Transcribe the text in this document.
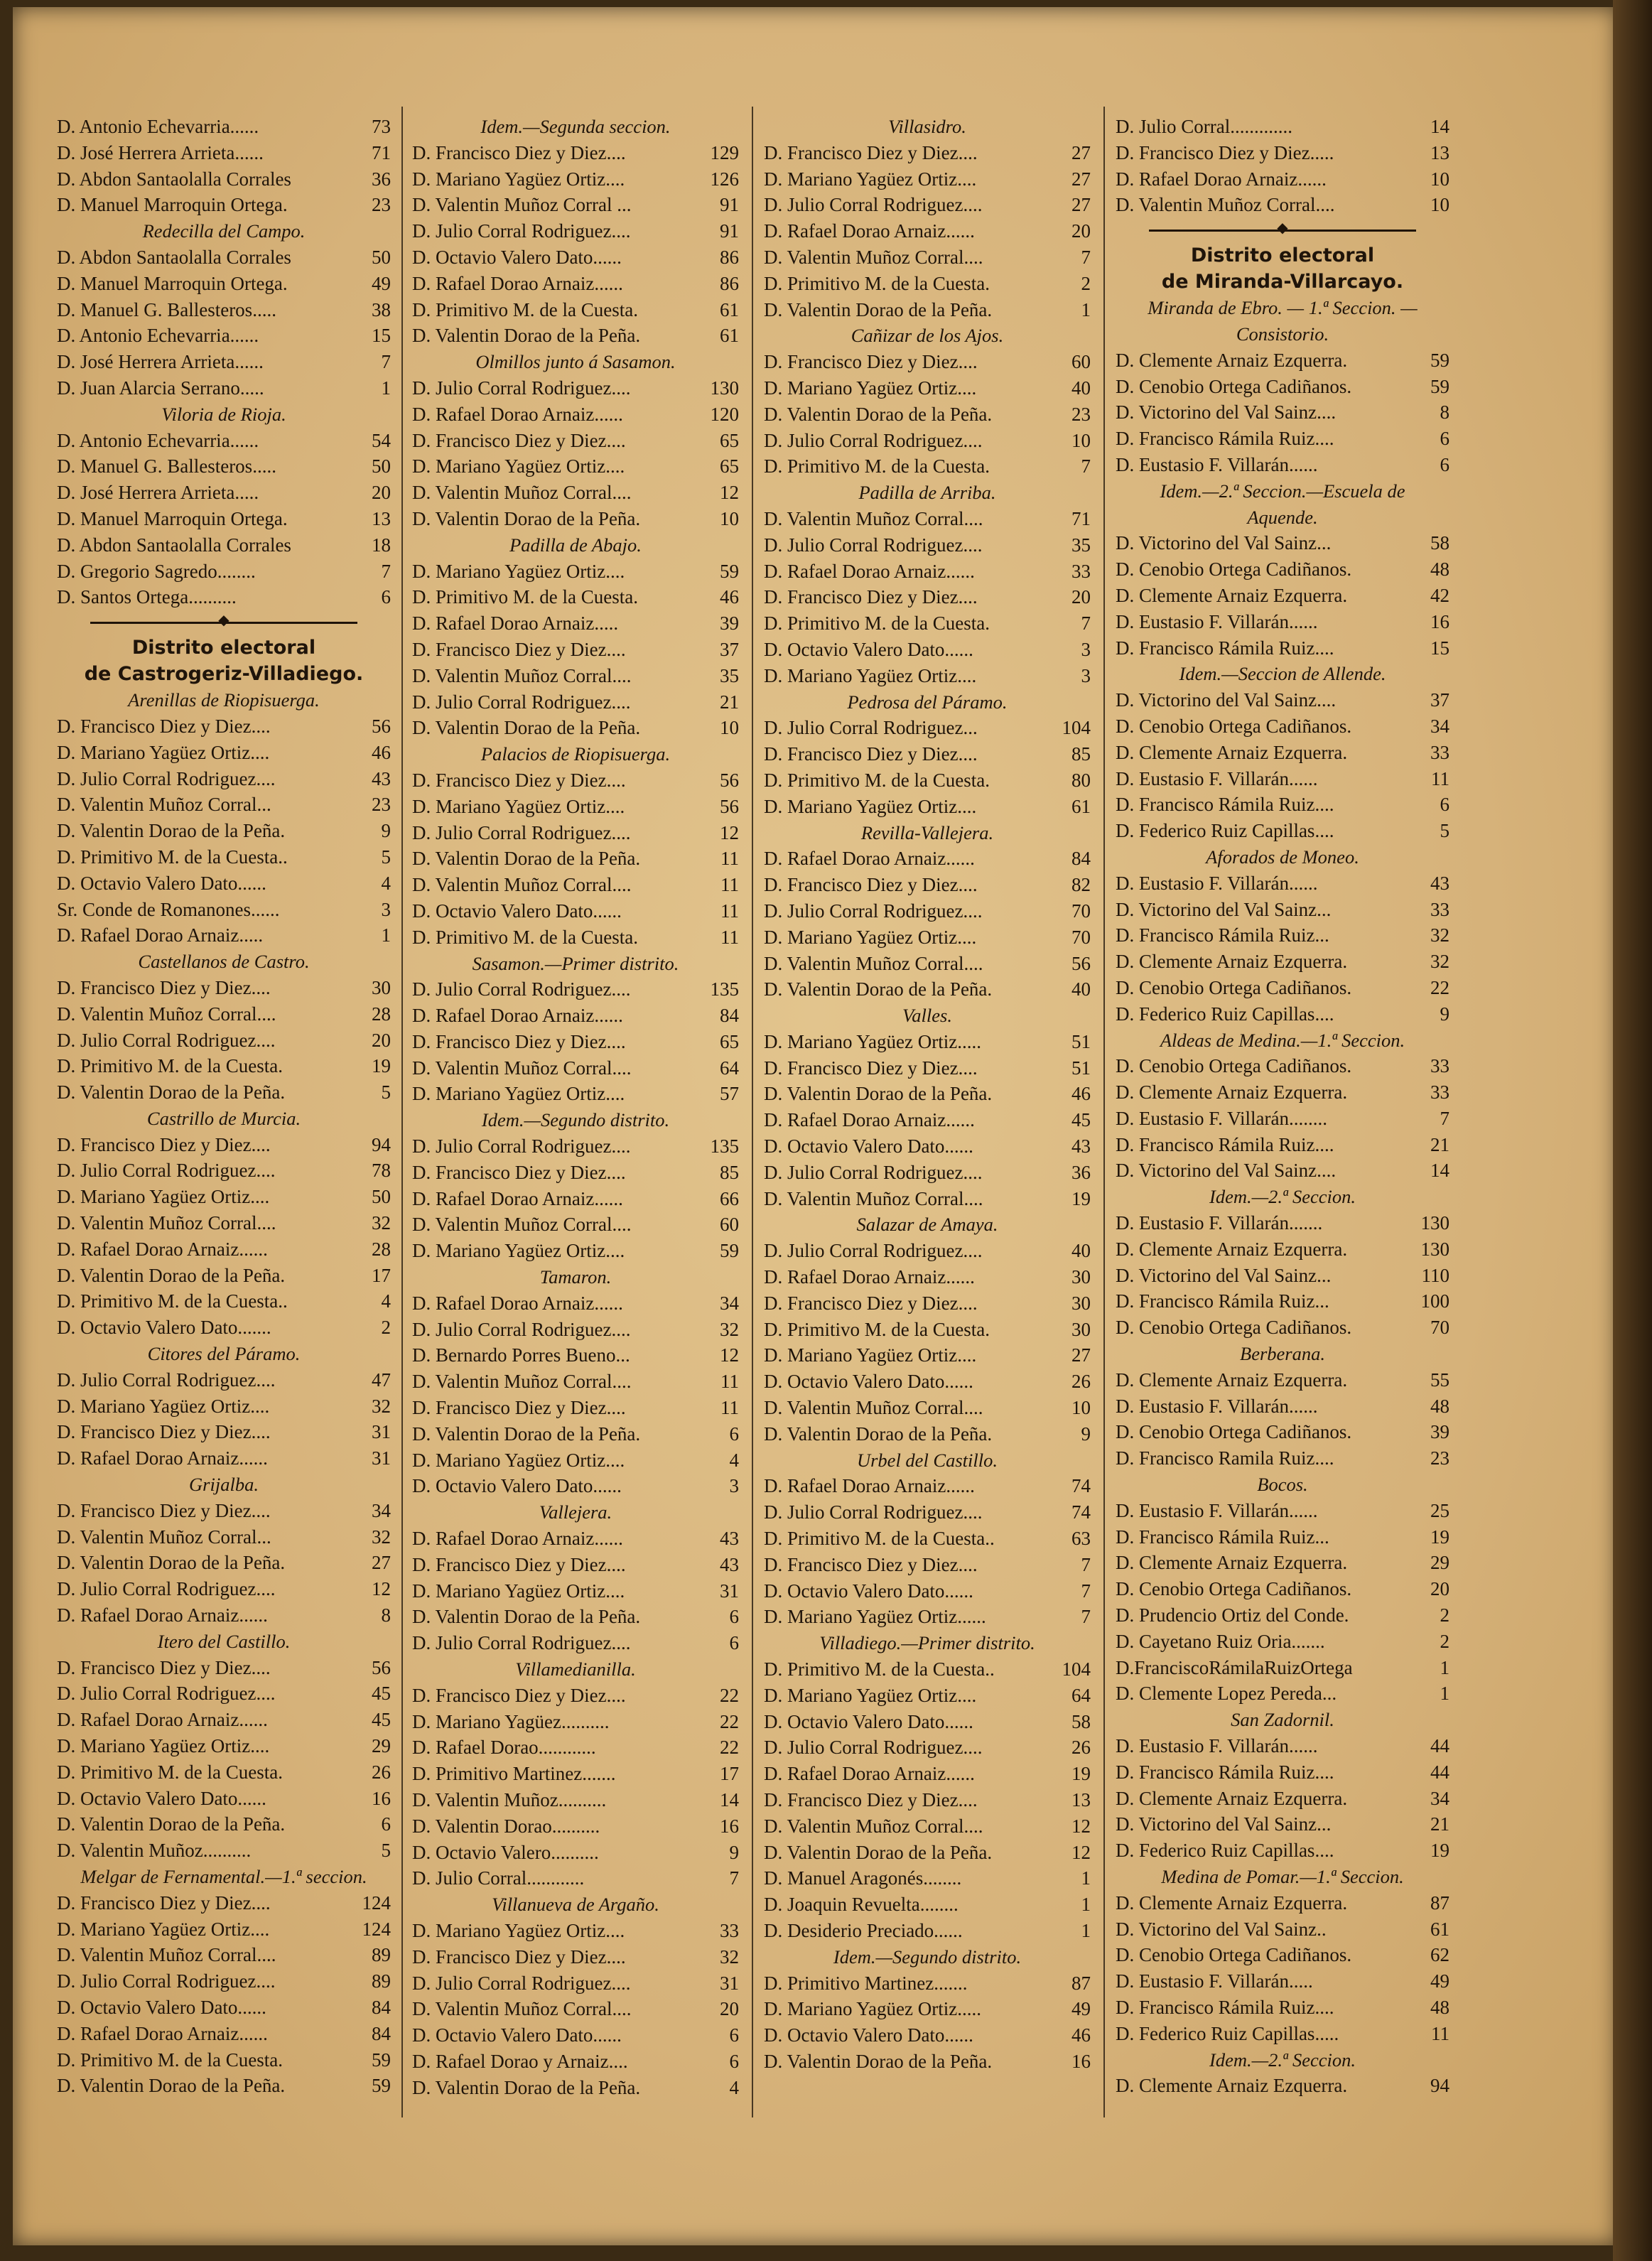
D. Antonio Echevarria......	73
D. José Herrera Arrieta......	71
D. Abdon Santaolalla Corrales	36
D. Manuel Marroquin Ortega.	23
Redecilla del Campo.
D. Abdon Santaolalla Corrales	50
D. Manuel Marroquin Ortega.	49
D. Manuel G. Ballesteros.....	38
D. Antonio Echevarria......	15
D. José Herrera Arrieta......	7
D. Juan Alarcia Serrano.....	1
Viloria de Rioja.
D. Antonio Echevarria......	54
D. Manuel G. Ballesteros.....	50
D. José Herrera Arrieta.....	20
D. Manuel Marroquin Ortega.	13
D. Abdon Santaolalla Corrales	18
D. Gregorio Sagredo........	7
D. Santos Ortega..........	6
◆
Distrito electoral
de Castrogeriz-Villadiego.
Arenillas de Riopisuerga.
D. Francisco Diez y Diez....	56
D. Mariano Yagüez Ortiz....	46
D. Julio Corral Rodriguez....	43
D. Valentin Muñoz Corral...	23
D. Valentin Dorao de la Peña.	9
D. Primitivo M. de la Cuesta..	5
D. Octavio Valero Dato......	4
Sr. Conde de Romanones......	3
D. Rafael Dorao Arnaiz.....	1
Castellanos de Castro.
D. Francisco Diez y Diez....	30
D. Valentin Muñoz Corral....	28
D. Julio Corral Rodriguez....	20
D. Primitivo M. de la Cuesta.	19
D. Valentin Dorao de la Peña.	5
Castrillo de Murcia.
D. Francisco Diez y Diez....	94
D. Julio Corral Rodriguez....	78
D. Mariano Yagüez Ortiz....	50
D. Valentin Muñoz Corral....	32
D. Rafael Dorao Arnaiz......	28
D. Valentin Dorao de la Peña.	17
D. Primitivo M. de la Cuesta..	4
D. Octavio Valero Dato.......	2
Citores del Páramo.
D. Julio Corral Rodriguez....	47
D. Mariano Yagüez Ortiz....	32
D. Francisco Diez y Diez....	31
D. Rafael Dorao Arnaiz......	31
Grijalba.
D. Francisco Diez y Diez....	34
D. Valentin Muñoz Corral...	32
D. Valentin Dorao de la Peña.	27
D. Julio Corral Rodriguez....	12
D. Rafael Dorao Arnaiz......	8
Itero del Castillo.
D. Francisco Diez y Diez....	56
D. Julio Corral Rodriguez....	45
D. Rafael Dorao Arnaiz......	45
D. Mariano Yagüez Ortiz....	29
D. Primitivo M. de la Cuesta.	26
D. Octavio Valero Dato......	16
D. Valentin Dorao de la Peña.	6
D. Valentin Muñoz..........	5
Melgar de Fernamental.—1.ª seccion.
D. Francisco Diez y Diez....	124
D. Mariano Yagüez Ortiz....	124
D. Valentin Muñoz Corral....	89
D. Julio Corral Rodriguez....	89
D. Octavio Valero Dato......	84
D. Rafael Dorao Arnaiz......	84
D. Primitivo M. de la Cuesta.	59
D. Valentin Dorao de la Peña.	59
Idem.—Segunda seccion.
D. Francisco Diez y Diez....	129
D. Mariano Yagüez Ortiz....	126
D. Valentin Muñoz Corral ...	91
D. Julio Corral Rodriguez....	91
D. Octavio Valero Dato......	86
D. Rafael Dorao Arnaiz......	86
D. Primitivo M. de la Cuesta.	61
D. Valentin Dorao de la Peña.	61
Olmillos junto á Sasamon.
D. Julio Corral Rodriguez....	130
D. Rafael Dorao Arnaiz......	120
D. Francisco Diez y Diez....	65
D. Mariano Yagüez Ortiz....	65
D. Valentin Muñoz Corral....	12
D. Valentin Dorao de la Peña.	10
Padilla de Abajo.
D. Mariano Yagüez Ortiz....	59
D. Primitivo M. de la Cuesta.	46
D. Rafael Dorao Arnaiz.....	39
D. Francisco Diez y Diez....	37
D. Valentin Muñoz Corral....	35
D. Julio Corral Rodriguez....	21
D. Valentin Dorao de la Peña.	10
Palacios de Riopisuerga.
D. Francisco Diez y Diez....	56
D. Mariano Yagüez Ortiz....	56
D. Julio Corral Rodriguez....	12
D. Valentin Dorao de la Peña.	11
D. Valentin Muñoz Corral....	11
D. Octavio Valero Dato......	11
D. Primitivo M. de la Cuesta.	11
Sasamon.—Primer distrito.
D. Julio Corral Rodriguez....	135
D. Rafael Dorao Arnaiz......	84
D. Francisco Diez y Diez....	65
D. Valentin Muñoz Corral....	64
D. Mariano Yagüez Ortiz....	57
Idem.—Segundo distrito.
D. Julio Corral Rodriguez....	135
D. Francisco Diez y Diez....	85
D. Rafael Dorao Arnaiz......	66
D. Valentin Muñoz Corral....	60
D. Mariano Yagüez Ortiz....	59
Tamaron.
D. Rafael Dorao Arnaiz......	34
D. Julio Corral Rodriguez....	32
D. Bernardo Porres Bueno...	12
D. Valentin Muñoz Corral....	11
D. Francisco Diez y Diez....	11
D. Valentin Dorao de la Peña.	6
D. Mariano Yagüez Ortiz....	4
D. Octavio Valero Dato......	3
Vallejera.
D. Rafael Dorao Arnaiz......	43
D. Francisco Diez y Diez....	43
D. Mariano Yagüez Ortiz....	31
D. Valentin Dorao de la Peña.	6
D. Julio Corral Rodriguez....	6
Villamedianilla.
D. Francisco Diez y Diez....	22
D. Mariano Yagüez..........	22
D. Rafael Dorao............	22
D. Primitivo Martinez.......	17
D. Valentin Muñoz..........	14
D. Valentin Dorao..........	16
D. Octavio Valero..........	9
D. Julio Corral............	7
Villanueva de Argaño.
D. Mariano Yagüez Ortiz....	33
D. Francisco Diez y Diez....	32
D. Julio Corral Rodriguez....	31
D. Valentin Muñoz Corral....	20
D. Octavio Valero Dato......	6
D. Rafael Dorao y Arnaiz....	6
D. Valentin Dorao de la Peña.	4
Villasidro.
D. Francisco Diez y Diez....	27
D. Mariano Yagüez Ortiz....	27
D. Julio Corral Rodriguez....	27
D. Rafael Dorao Arnaiz......	20
D. Valentin Muñoz Corral....	7
D. Primitivo M. de la Cuesta.	2
D. Valentin Dorao de la Peña.	1
Cañizar de los Ajos.
D. Francisco Diez y Diez....	60
D. Mariano Yagüez Ortiz....	40
D. Valentin Dorao de la Peña.	23
D. Julio Corral Rodriguez....	10
D. Primitivo M. de la Cuesta.	7
Padilla de Arriba.
D. Valentin Muñoz Corral....	71
D. Julio Corral Rodriguez....	35
D. Rafael Dorao Arnaiz......	33
D. Francisco Diez y Diez....	20
D. Primitivo M. de la Cuesta.	7
D. Octavio Valero Dato......	3
D. Mariano Yagüez Ortiz....	3
Pedrosa del Páramo.
D. Julio Corral Rodriguez...	104
D. Francisco Diez y Diez....	85
D. Primitivo M. de la Cuesta.	80
D. Mariano Yagüez Ortiz....	61
Revilla-Vallejera.
D. Rafael Dorao Arnaiz......	84
D. Francisco Diez y Diez....	82
D. Julio Corral Rodriguez....	70
D. Mariano Yagüez Ortiz....	70
D. Valentin Muñoz Corral....	56
D. Valentin Dorao de la Peña.	40
Valles.
D. Mariano Yagüez Ortiz.....	51
D. Francisco Diez y Diez....	51
D. Valentin Dorao de la Peña.	46
D. Rafael Dorao Arnaiz......	45
D. Octavio Valero Dato......	43
D. Julio Corral Rodriguez....	36
D. Valentin Muñoz Corral....	19
Salazar de Amaya.
D. Julio Corral Rodriguez....	40
D. Rafael Dorao Arnaiz......	30
D. Francisco Diez y Diez....	30
D. Primitivo M. de la Cuesta.	30
D. Mariano Yagüez Ortiz....	27
D. Octavio Valero Dato......	26
D. Valentin Muñoz Corral....	10
D. Valentin Dorao de la Peña.	9
Urbel del Castillo.
D. Rafael Dorao Arnaiz......	74
D. Julio Corral Rodriguez....	74
D. Primitivo M. de la Cuesta..	63
D. Francisco Diez y Diez....	7
D. Octavio Valero Dato......	7
D. Mariano Yagüez Ortiz......	7
Villadiego.—Primer distrito.
D. Primitivo M. de la Cuesta..	104
D. Mariano Yagüez Ortiz....	64
D. Octavio Valero Dato......	58
D. Julio Corral Rodriguez....	26
D. Rafael Dorao Arnaiz......	19
D. Francisco Diez y Diez....	13
D. Valentin Muñoz Corral....	12
D. Valentin Dorao de la Peña.	12
D. Manuel Aragonés........	1
D. Joaquin Revuelta........	1
D. Desiderio Preciado......	1
Idem.—Segundo distrito.
D. Primitivo Martinez.......	87
D. Mariano Yagüez Ortiz.....	49
D. Octavio Valero Dato......	46
D. Valentin Dorao de la Peña.	16
D. Julio Corral.............	14
D. Francisco Diez y Diez.....	13
D. Rafael Dorao Arnaiz......	10
D. Valentin Muñoz Corral....	10
◆
Distrito electoral
de Miranda-Villarcayo.
Miranda de Ebro. — 1.ª Seccion. —
Consistorio.
D. Clemente Arnaiz Ezquerra.	59
D. Cenobio Ortega Cadiñanos.	59
D. Victorino del Val Sainz....	8
D. Francisco Rámila Ruiz....	6
D. Eustasio F. Villarán......	6
Idem.—2.ª Seccion.—Escuela de
Aquende.
D. Victorino del Val Sainz...	58
D. Cenobio Ortega Cadiñanos.	48
D. Clemente Arnaiz Ezquerra.	42
D. Eustasio F. Villarán......	16
D. Francisco Rámila Ruiz....	15
Idem.—Seccion de Allende.
D. Victorino del Val Sainz....	37
D. Cenobio Ortega Cadiñanos.	34
D. Clemente Arnaiz Ezquerra.	33
D. Eustasio F. Villarán......	11
D. Francisco Rámila Ruiz....	6
D. Federico Ruiz Capillas....	5
Aforados de Moneo.
D. Eustasio F. Villarán......	43
D. Victorino del Val Sainz...	33
D. Francisco Rámila Ruiz...	32
D. Clemente Arnaiz Ezquerra.	32
D. Cenobio Ortega Cadiñanos.	22
D. Federico Ruiz Capillas....	9
Aldeas de Medina.—1.ª Seccion.
D. Cenobio Ortega Cadiñanos.	33
D. Clemente Arnaiz Ezquerra.	33
D. Eustasio F. Villarán........	7
D. Francisco Rámila Ruiz....	21
D. Victorino del Val Sainz....	14
Idem.—2.ª Seccion.
D. Eustasio F. Villarán.......	130
D. Clemente Arnaiz Ezquerra.	130
D. Victorino del Val Sainz...	110
D. Francisco Rámila Ruiz...	100
D. Cenobio Ortega Cadiñanos.	70
Berberana.
D. Clemente Arnaiz Ezquerra.	55
D. Eustasio F. Villarán......	48
D. Cenobio Ortega Cadiñanos.	39
D. Francisco Ramila Ruiz....	23
Bocos.
D. Eustasio F. Villarán......	25
D. Francisco Rámila Ruiz...	19
D. Clemente Arnaiz Ezquerra.	29
D. Cenobio Ortega Cadiñanos.	20
D. Prudencio Ortiz del Conde.	2
D. Cayetano Ruiz Oria.......	2
D.FranciscoRámilaRuizOrtega	1
D. Clemente Lopez Pereda...	1
San Zadornil.
D. Eustasio F. Villarán......	44
D. Francisco Rámila Ruiz....	44
D. Clemente Arnaiz Ezquerra.	34
D. Victorino del Val Sainz...	21
D. Federico Ruiz Capillas....	19
Medina de Pomar.—1.ª Seccion.
D. Clemente Arnaiz Ezquerra.	87
D. Victorino del Val Sainz..	61
D. Cenobio Ortega Cadiñanos.	62
D. Eustasio F. Villarán.....	49
D. Francisco Rámila Ruiz....	48
D. Federico Ruiz Capillas.....	11
Idem.—2.ª Seccion.
D. Clemente Arnaiz Ezquerra.	94
